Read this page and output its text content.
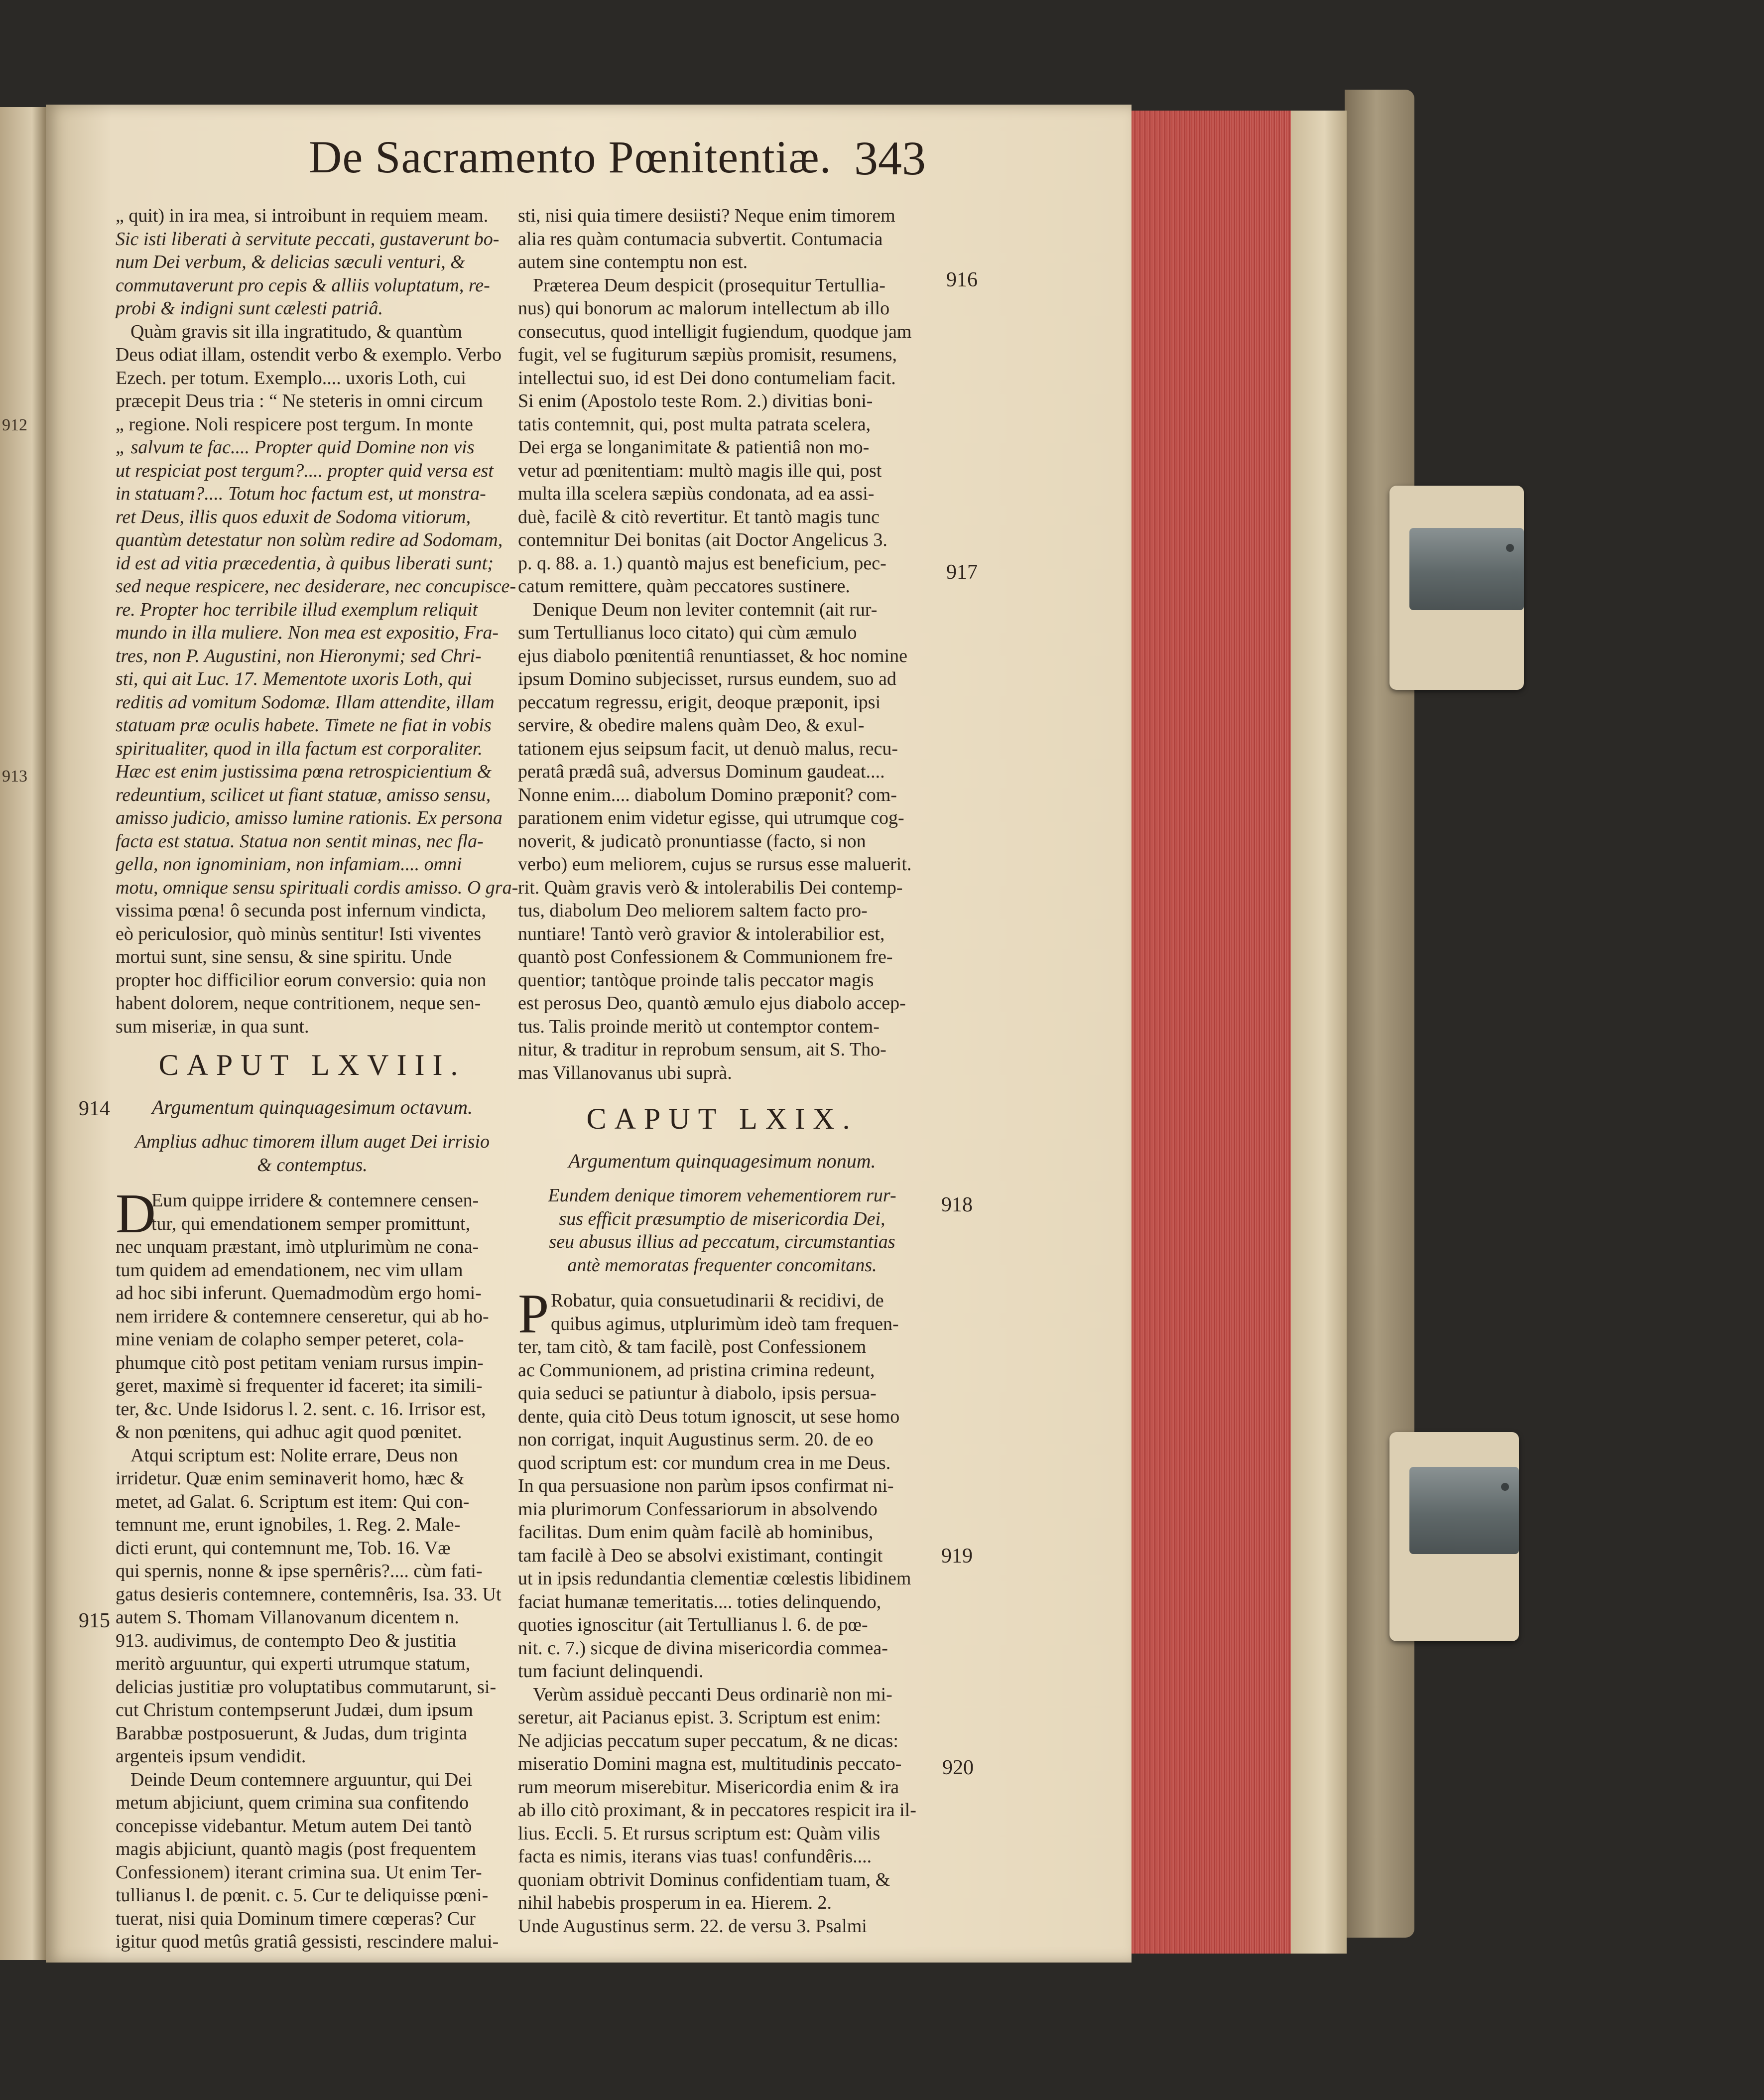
912
913
De Sacramento Pœnitentiæ. 343
914
915
916
917
918
919
920
„ quit) in ira mea, si introibunt in requiem meam.
Sic isti liberati à servitute peccati, gustaverunt bo-
num Dei verbum, & delicias sæculi venturi, &
commutaverunt pro cepis & alliis voluptatum, re-
probi & indigni sunt cælesti patriâ.
Quàm gravis sit illa ingratitudo, & quantùm
Deus odiat illam, ostendit verbo & exemplo. Verbo
Ezech. per totum. Exemplo.... uxoris Loth, cui
præcepit Deus tria : “ Ne steteris in omni circum
„ regione. Noli respicere post tergum. In monte
„ salvum te fac.... Propter quid Domine non vis
ut respiciat post tergum?.... propter quid versa est
in statuam?.... Totum hoc factum est, ut monstra-
ret Deus, illis quos eduxit de Sodoma vitiorum,
quantùm detestatur non solùm redire ad Sodomam,
id est ad vitia præcedentia, à quibus liberati sunt;
sed neque respicere, nec desiderare, nec concupisce-
re. Propter hoc terribile illud exemplum reliquit
mundo in illa muliere. Non mea est expositio, Fra-
tres, non P. Augustini, non Hieronymi; sed Chri-
sti, qui ait Luc. 17. Mementote uxoris Loth, qui
reditis ad vomitum Sodomæ. Illam attendite, illam
statuam præ oculis habete. Timete ne fiat in vobis
spiritualiter, quod in illa factum est corporaliter.
Hæc est enim justissima pœna retrospicientium &
redeuntium, scilicet ut fiant statuæ, amisso sensu,
amisso judicio, amisso lumine rationis. Ex persona
facta est statua. Statua non sentit minas, nec fla-
gella, non ignominiam, non infamiam.... omni
motu, omnique sensu spirituali cordis amisso. O gra-
vissima pœna! ô secunda post infernum vindicta,
eò periculosior, quò minùs sentitur! Isti viventes
mortui sunt, sine sensu, & sine spiritu. Unde
propter hoc difficilior eorum conversio: quia non
habent dolorem, neque contritionem, neque sen-
sum miseriæ, in qua sunt.
CAPUT LXVIII.
Argumentum quinquagesimum octavum.
Amplius adhuc timorem illum auget Dei irrisio
& contemptus.
D
Eum quippe irridere & contemnere censen-
tur, qui emendationem semper promittunt,
nec unquam præstant, imò utplurimùm ne cona-
tum quidem ad emendationem, nec vim ullam
ad hoc sibi inferunt. Quemadmodùm ergo homi-
nem irridere & contemnere censeretur, qui ab ho-
mine veniam de colapho semper peteret, cola-
phumque citò post petitam veniam rursus impin-
geret, maximè si frequenter id faceret; ita simili-
ter, &c. Unde Isidorus l. 2. sent. c. 16. Irrisor est,
& non pœnitens, qui adhuc agit quod pœnitet.
Atqui scriptum est: Nolite errare, Deus non
irridetur. Quæ enim seminaverit homo, hæc &
metet, ad Galat. 6. Scriptum est item: Qui con-
temnunt me, erunt ignobiles, 1. Reg. 2. Male-
dicti erunt, qui contemnunt me, Tob. 16. Væ
qui spernis, nonne & ipse spernêris?.... cùm fati-
gatus desieris contemnere, contemnêris, Isa. 33. Ut
autem S. Thomam Villanovanum dicentem n.
913. audivimus, de contempto Deo & justitia
meritò arguuntur, qui experti utrumque statum,
delicias justitiæ pro voluptatibus commutarunt, si-
cut Christum contempserunt Judæi, dum ipsum
Barabbæ postposuerunt, & Judas, dum triginta
argenteis ipsum vendidit.
Deinde Deum contemnere arguuntur, qui Dei
metum abjiciunt, quem crimina sua confitendo
concepisse videbantur. Metum autem Dei tantò
magis abjiciunt, quantò magis (post frequentem
Confessionem) iterant crimina sua. Ut enim Ter-
tullianus l. de pœnit. c. 5. Cur te deliquisse pœni-
tuerat, nisi quia Dominum timere cœperas? Cur
igitur quod metûs gratiâ gessisti, rescindere malui-
sti, nisi quia timere desiisti? Neque enim timorem
alia res quàm contumacia subvertit. Contumacia
autem sine contemptu non est.
Præterea Deum despicit (prosequitur Tertullia-
nus) qui bonorum ac malorum intellectum ab illo
consecutus, quod intelligit fugiendum, quodque jam
fugit, vel se fugiturum sæpiùs promisit, resumens,
intellectui suo, id est Dei dono contumeliam facit.
Si enim (Apostolo teste Rom. 2.) divitias boni-
tatis contemnit, qui, post multa patrata scelera,
Dei erga se longanimitate & patientiâ non mo-
vetur ad pœnitentiam: multò magis ille qui, post
multa illa scelera sæpiùs condonata, ad ea assi-
duè, facilè & citò revertitur. Et tantò magis tunc
contemnitur Dei bonitas (ait Doctor Angelicus 3.
p. q. 88. a. 1.) quantò majus est beneficium, pec-
catum remittere, quàm peccatores sustinere.
Denique Deum non leviter contemnit (ait rur-
sum Tertullianus loco citato) qui cùm æmulo
ejus diabolo pœnitentiâ renuntiasset, & hoc nomine
ipsum Domino subjecisset, rursus eundem, suo ad
peccatum regressu, erigit, deoque præponit, ipsi
servire, & obedire malens quàm Deo, & exul-
tationem ejus seipsum facit, ut denuò malus, recu-
peratâ prædâ suâ, adversus Dominum gaudeat....
Nonne enim.... diabolum Domino præponit? com-
parationem enim videtur egisse, qui utrumque cog-
noverit, & judicatò pronuntiasse (facto, si non
verbo) eum meliorem, cujus se rursus esse maluerit.
rit. Quàm gravis verò & intolerabilis Dei contemp-
tus, diabolum Deo meliorem saltem facto pro-
nuntiare! Tantò verò gravior & intolerabilior est,
quantò post Confessionem & Communionem fre-
quentior; tantòque proinde talis peccator magis
est perosus Deo, quantò æmulo ejus diabolo accep-
tus. Talis proinde meritò ut contemptor contem-
nitur, & traditur in reprobum sensum, ait S. Tho-
mas Villanovanus ubi suprà.
CAPUT LXIX.
Argumentum quinquagesimum nonum.
Eundem denique timorem vehementiorem rur-
sus efficit præsumptio de misericordia Dei,
seu abusus illius ad peccatum, circumstantias
antè memoratas frequenter concomitans.
P Robatur, quia consuetudinarii & recidivi, de
quibus agimus, utplurimùm ideò tam frequen-
ter, tam citò, & tam facilè, post Confessionem
ac Communionem, ad pristina crimina redeunt,
quia seduci se patiuntur à diabolo, ipsis persua-
dente, quia citò Deus totum ignoscit, ut sese homo
non corrigat, inquit Augustinus serm. 20. de eo
quod scriptum est: cor mundum crea in me Deus.
In qua persuasione non parùm ipsos confirmat ni-
mia plurimorum Confessariorum in absolvendo
facilitas. Dum enim quàm facilè ab hominibus,
tam facilè à Deo se absolvi existimant, contingit
ut in ipsis redundantia clementiæ cœlestis libidinem
faciat humanæ temeritatis.... toties delinquendo,
quoties ignoscitur (ait Tertullianus l. 6. de pœ-
nit. c. 7.) sicque de divina misericordia commea-
tum faciunt delinquendi.
Verùm assiduè peccanti Deus ordinariè non mi-
seretur, ait Pacianus epist. 3. Scriptum est enim:
Ne adjicias peccatum super peccatum, & ne dicas:
miseratio Domini magna est, multitudinis peccato-
rum meorum miserebitur. Misericordia enim & ira
ab illo citò proximant, & in peccatores respicit ira il-
lius. Eccli. 5. Et rursus scriptum est: Quàm vilis
facta es nimis, iterans vias tuas! confundêris....
quoniam obtrivit Dominus confidentiam tuam, &
nihil habebis prosperum in ea. Hierem. 2.
Unde Augustinus serm. 22. de versu 3. Psalmi
